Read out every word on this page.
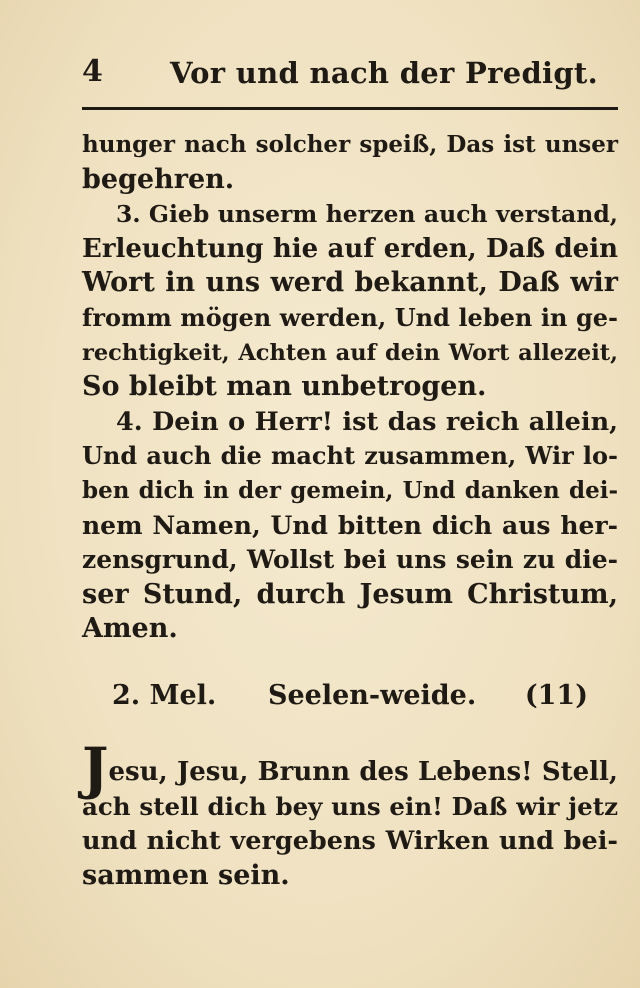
4 Vor und nach der Predigt.
hunger nach solcher speiß, Das ist unser
begehren.
3. Gieb unserm herzen auch verstand,
Erleuchtung hie auf erden, Daß dein
Wort in uns werd bekannt, Daß wir
fromm mögen werden, Und leben in ge-
rechtigkeit, Achten auf dein Wort allezeit,
So bleibt man unbetrogen.
4. Dein o Herr! ist das reich allein,
Und auch die macht zusammen, Wir lo-
ben dich in der gemein, Und danken dei-
nem Namen, Und bitten dich aus her-
zensgrund, Wollst bei uns sein zu die-
ser Stund, durch Jesum Christum,
Amen.
2. Mel. Seelen-weide. (11)
Jesu, Jesu, Brunn des Lebens! Stell,
ach stell dich bey uns ein! Daß wir jetz
und nicht vergebens Wirken und bei-
sammen sein.
